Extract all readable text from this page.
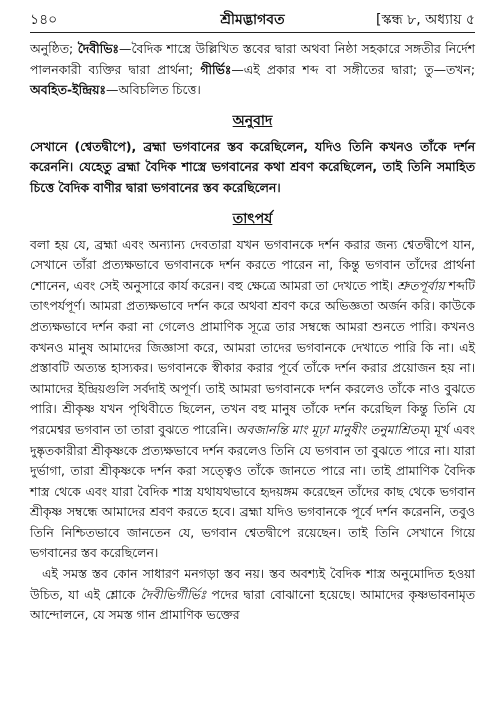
১৪০	শ্রীমদ্ভাগবত	[স্কন্ধ ৮, অধ্যায় ৫

অনুষ্ঠিত; দৈবীভিঃ—বৈদিক শাস্ত্রে উল্লিখিত স্তবের দ্বারা অথবা নিষ্ঠা সহকারে সঙ্গতীর নির্দেশ পালনকারী ব্যক্তির দ্বারা প্রার্থনা; গীর্ভিঃ—এই প্রকার শব্দ বা সঙ্গীতের দ্বারা; তু—তখন; অবহিত-ইন্দ্রিয়ঃ—অবিচলিত চিত্তে।

অনুবাদ

সেখানে (শ্বেতদ্বীপে), ব্রহ্মা ভগবানের স্তব করেছিলেন, যদিও তিনি কখনও তাঁকে দর্শন করেননি। যেহেতু ব্রহ্মা বৈদিক শাস্ত্রে ভগবানের কথা শ্রবণ করেছিলেন, তাই তিনি সমাহিত চিত্তে বৈদিক বাণীর দ্বারা ভগবানের স্তব করেছিলেন।

তাৎপর্য

বলা হয় যে, ব্রহ্মা এবং অন্যান্য দেবতারা যখন ভগবানকে দর্শন করার জন্য শ্বেতদ্বীপে যান, সেখানে তাঁরা প্রত্যক্ষভাবে ভগবানকে দর্শন করতে পারেন না, কিন্তু ভগবান তাঁদের প্রার্থনা শোনেন, এবং সেই অনুসারে কার্য করেন। বহু ক্ষেত্রে আমরা তা দেখতে পাই। শ্রুতপূর্বায় শব্দটি তাৎপর্যপূর্ণ। আমরা প্রত্যক্ষভাবে দর্শন করে অথবা শ্রবণ করে অভিজ্ঞতা অর্জন করি। কাউকে প্রত্যক্ষভাবে দর্শন করা না গেলেও প্রামাণিক সূত্রে তার সম্বন্ধে আমরা শুনতে পারি। কখনও কখনও মানুষ আমাদের জিজ্ঞাসা করে, আমরা তাদের ভগবানকে দেখাতে পারি কি না। এই প্রস্তাবটি অত্যন্ত হাস্যকর। ভগবানকে স্বীকার করার পূর্বে তাঁকে দর্শন করার প্রয়োজন হয় না। আমাদের ইন্দ্রিয়গুলি সর্বদাই অপূর্ণ। তাই আমরা ভগবানকে দর্শন করলেও তাঁকে নাও বুঝতে পারি। শ্রীকৃষ্ণ যখন পৃথিবীতে ছিলেন, তখন বহু মানুষ তাঁকে দর্শন করেছিল কিন্তু তিনি যে পরমেশ্বর ভগবান তা তারা বুঝতে পারেনি। অবজানন্তি মাং মূঢ়া মানুষীং তনুমাশ্রিতম্‌। মূর্খ এবং দুষ্কৃতকারীরা শ্রীকৃষ্ণকে প্রত্যক্ষভাবে দর্শন করলেও তিনি যে ভগবান তা বুঝতে পারে না। যারা দুর্ভাগা, তারা শ্রীকৃষ্ণকে দর্শন করা সত্ত্বেও তাঁকে জানতে পারে না। তাই প্রামাণিক বৈদিক শাস্ত্র থেকে এবং যারা বৈদিক শাস্ত্র যথাযথভাবে হৃদয়ঙ্গম করেছেন তাঁদের কাছ থেকে ভগবান শ্রীকৃষ্ণ সম্বন্ধে আমাদের শ্রবণ করতে হবে। ব্রহ্মা যদিও ভগবানকে পূর্বে দর্শন করেননি, তবুও তিনি নিশ্চিতভাবে জানতেন যে, ভগবান শ্বেতদ্বীপে রয়েছেন। তাই তিনি সেখানে গিয়ে ভগবানের স্তব করেছিলেন।

এই সমস্ত স্তব কোন সাধারণ মনগড়া স্তব নয়। স্তব অবশ্যই বৈদিক শাস্ত্র অনুমোদিত হওয়া উচিত, যা এই শ্লোকে দৈবীভির্গীর্ভিঃ পদের দ্বারা বোঝানো হয়েছে। আমাদের কৃষ্ণভাবনামৃত আন্দোলনে, যে সমস্ত গান প্রামাণিক ভক্তের
